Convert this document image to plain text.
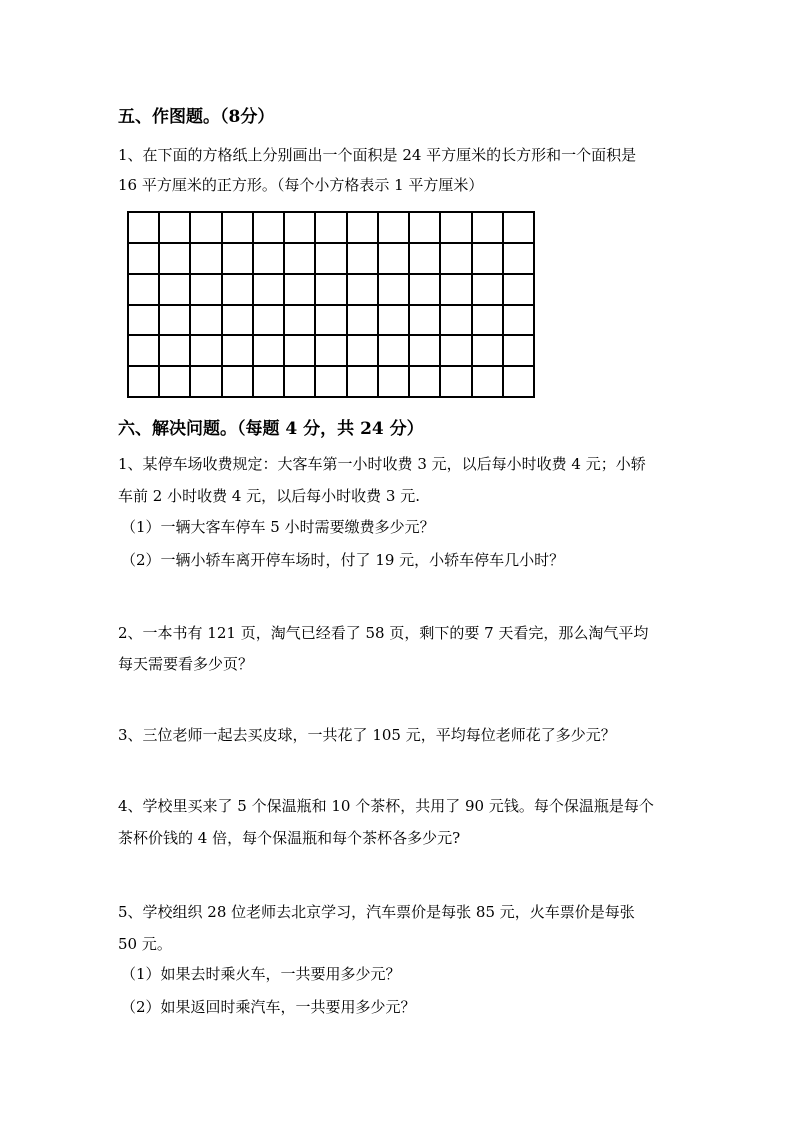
五、作图题。（8分）
1、在下面的方格纸上分别画出一个面积是 24 平方厘米的长方形和一个面积是
16 平方厘米的正方形。（每个小方格表示 1 平方厘米）
六、解决问题。（每题 4 分，共 24 分）
1、某停车场收费规定：大客车第一小时收费 3 元，以后每小时收费 4 元；小轿
车前 2 小时收费 4 元，以后每小时收费 3 元.
（1）一辆大客车停车 5 小时需要缴费多少元？
（2）一辆小轿车离开停车场时，付了 19 元，小轿车停车几小时？
2、一本书有 121 页，淘气已经看了 58 页，剩下的要 7 天看完，那么淘气平均
每天需要看多少页？
3、三位老师一起去买皮球，一共花了 105 元，平均每位老师花了多少元？
4、学校里买来了 5 个保温瓶和 10 个茶杯，共用了 90 元钱。每个保温瓶是每个
茶杯价钱的 4 倍，每个保温瓶和每个茶杯各多少元?
5、学校组织 28 位老师去北京学习，汽车票价是每张 85 元，火车票价是每张
50 元。
（1）如果去时乘火车，一共要用多少元？
（2）如果返回时乘汽车，一共要用多少元？
